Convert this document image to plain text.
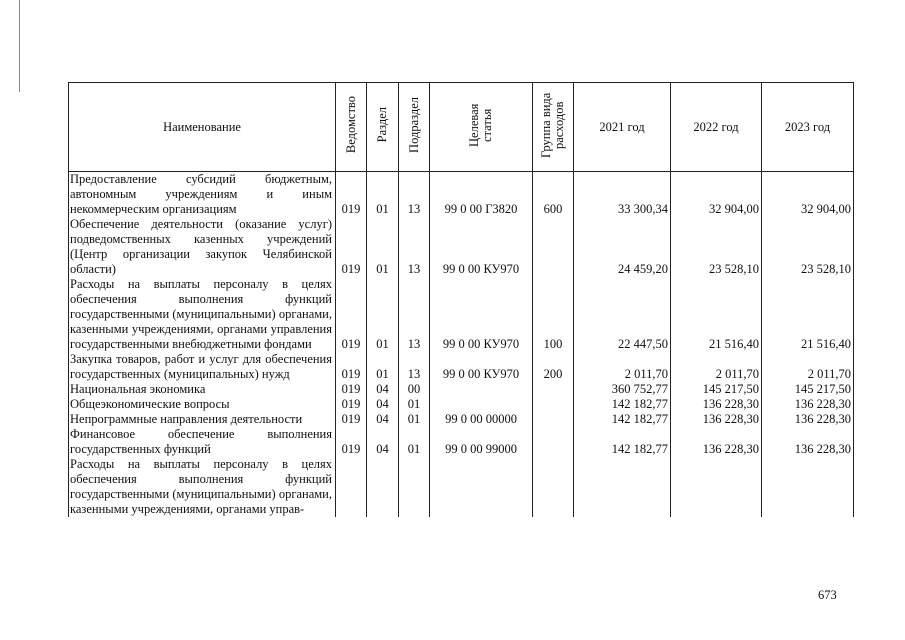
Наименование	Ведомство	Раздел	Подраздел	Целевая статья	Группа вида расходов	2021 год	2022 год	2023 год
Предоставление субсидий бюджетным, автономным учреждениям и иным некоммерческим организациям	019	01	13	99 0 00 Г3820	600	33 300,34	32 904,00	32 904,00
Обеспечение деятельности (оказание услуг) подведомственных казенных учреждений (Центр организации закупок Челябинской области)	019	01	13	99 0 00 КУ970		24 459,20	23 528,10	23 528,10
Расходы на выплаты персоналу в целях обеспечения выполнения функций государственными (муниципальными) органами, казенными учреждениями, органами управления государственными внебюджетными фондами	019	01	13	99 0 00 КУ970	100	22 447,50	21 516,40	21 516,40
Закупка товаров, работ и услуг для обеспечения государственных (муниципальных) нужд	019	01	13	99 0 00 КУ970	200	2 011,70	2 011,70	2 011,70
Национальная экономика	019	04	00			360 752,77	145 217,50	145 217,50
Общеэкономические вопросы	019	04	01			142 182,77	136 228,30	136 228,30
Непрограммные направления деятельности	019	04	01	99 0 00 00000		142 182,77	136 228,30	136 228,30
Финансовое обеспечение выполнения государственных функций	019	04	01	99 0 00 99000		142 182,77	136 228,30	136 228,30
Расходы на выплаты персоналу в целях обеспечения выполнения функций государственными (муниципальными) органами, казенными учреждениями, органами управ-								
673
